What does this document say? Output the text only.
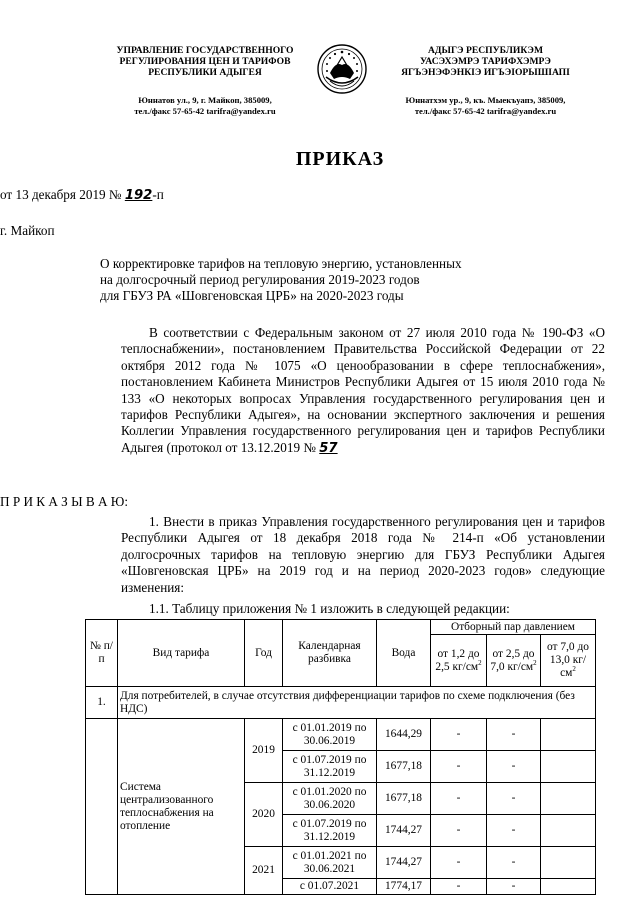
УПРАВЛЕНИЕ ГОСУДАРСТВЕННОГО
РЕГУЛИРОВАНИЯ ЦЕН И ТАРИФОВ
РЕСПУБЛИКИ АДЫГЕЯ
Юннатов ул., 9, г. Майкоп, 385009,
тел./факс 57-65-42 tarifra@yandex.ru
АДЫГЭ РЕСПУБЛИКЭМ
УАСЭХЭМРЭ ТАРИФХЭМРЭ
ЯГЪЭНЭФЭНКIЭ ИГЪЭIОРЫШIАПI
Юннатхэм ур., 9, къ. Мыекъуапэ, 385009,
тел./факс 57-65-42 tarifra@yandex.ru
ПРИКАЗ
от 13 декабря 2019 № 192-п
г. Майкоп
О корректировке тарифов на тепловую энергию, установленных
на долгосрочный период регулирования 2019-2023 годов
для ГБУЗ РА «Шовгеновская ЦРБ» на 2020-2023 годы
В соответствии с Федеральным законом от 27 июля 2010 года № 190-ФЗ «О теплоснабжении», постановлением Правительства Российской Федерации от 22 октября 2012 года № 1075 «О ценообразовании в сфере теплоснабжения», постановлением Кабинета Министров Республики Адыгея от 15 июля 2010 года № 133 «О некоторых вопросах Управления государственного регулирования цен и тарифов Республики Адыгея», на основании экспертного заключения и решения Коллегии Управления государственного регулирования цен и тарифов Республики Адыгея (протокол от 13.12.2019 № 57
П Р И К А З Ы В А Ю:
1. Внести в приказ Управления государственного регулирования цен и тарифов Республики Адыгея от 18 декабря 2018 года № 214-п «Об установлении долгосрочных тарифов на тепловую энергию для ГБУЗ Республики Адыгея «Шовгеновская ЦРБ» на 2019 год и на период 2020-2023 годов» следующие изменения:
1.1. Таблицу приложения № 1 изложить в следующей редакции:
№ п/п	Вид тарифа	Год	Календарная разбивка	Вода	Отборный пар давлением		
					от 1,2 до 2,5 $кг/см^2$	от 2,5 до 7,0 $кг/см^2$	от 7,0 до 13,0 $кг/см^2$
1.	Для потребителей, в случае отсутствия дифференциации тарифов по схеме подключения (без НДС)						
	Система централизованного теплоснабжения на отопление	2019	с 01.01.2019 по 30.06.2019	1644,29	-	-	
			с 01.07.2019 по 31.12.2019	1677,18	-	-	
		2020	с 01.01.2020 по 30.06.2020	1677,18	-	-	
			с 01.07.2019 по 31.12.2019	1744,27	-	-	
		2021	с 01.01.2021 по 30.06.2021	1744,27	-	-	
			с 01.07.2021	1774,17	-	-	
